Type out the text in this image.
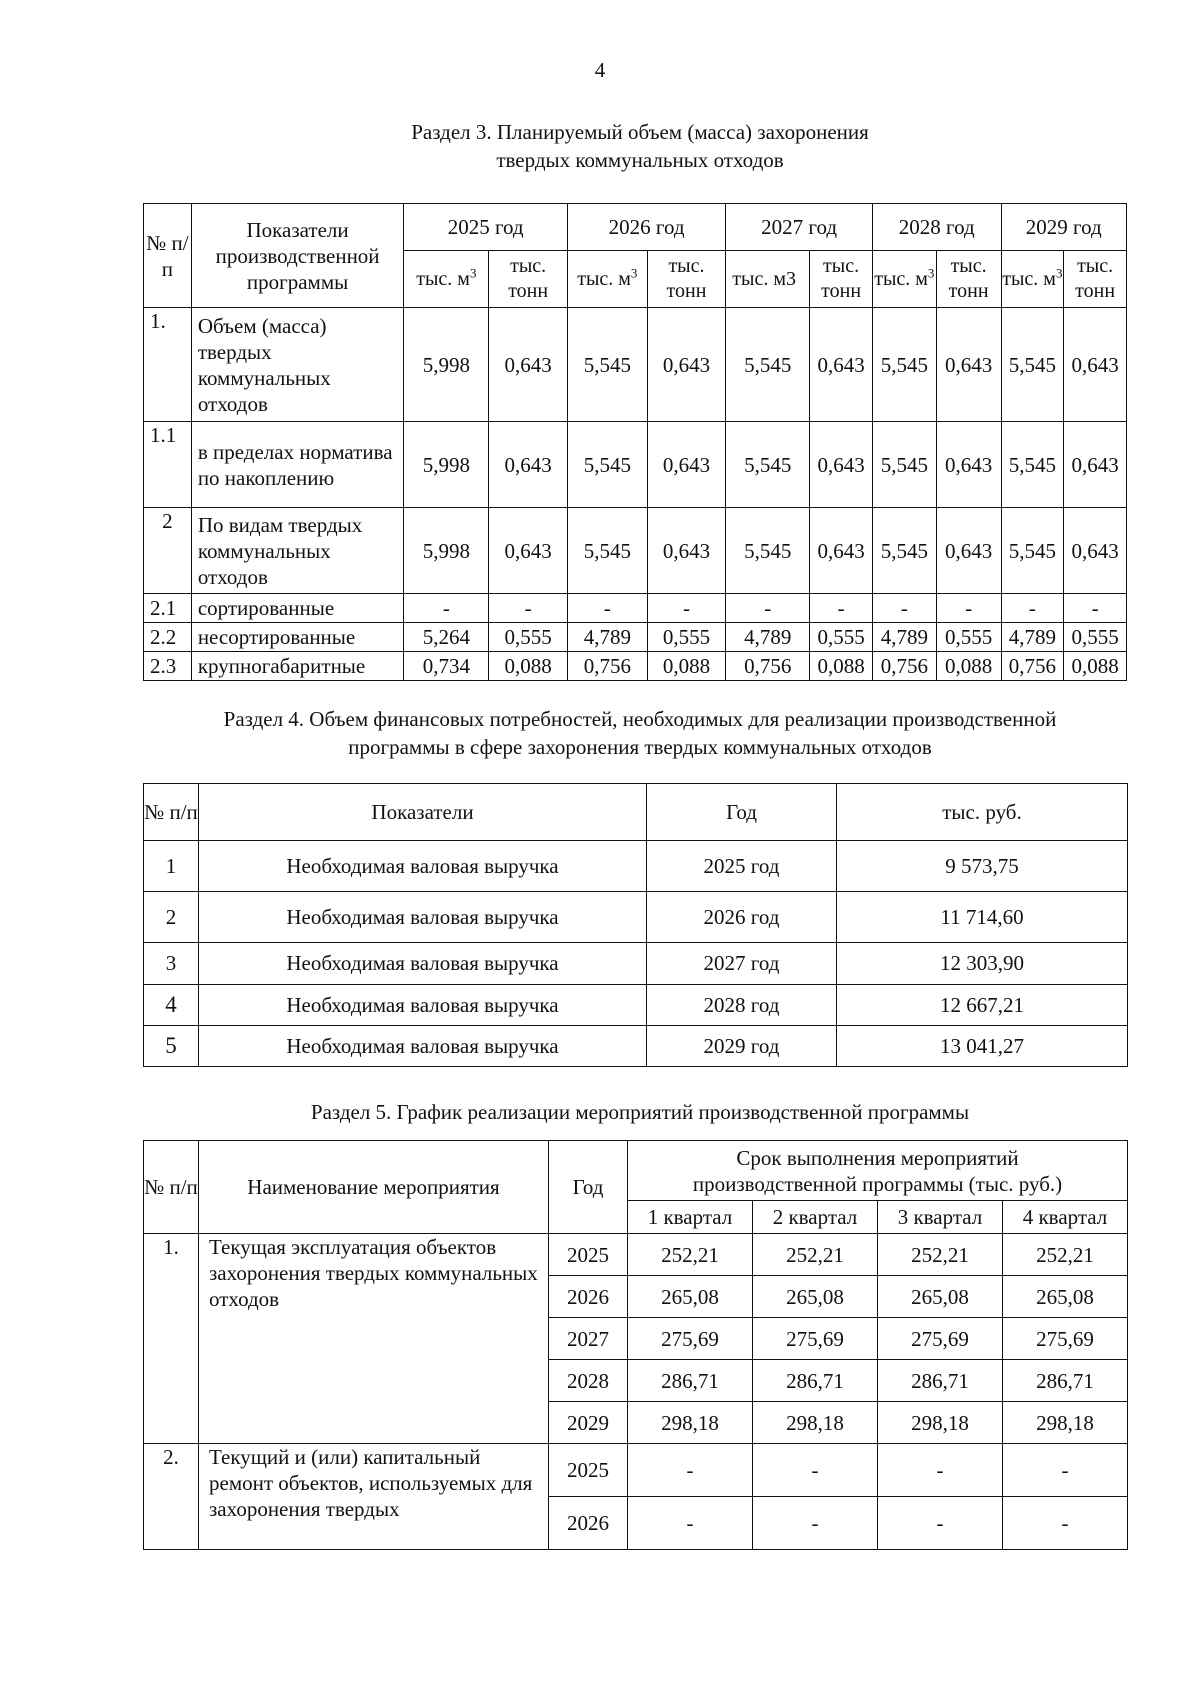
4
Раздел 3. Планируемый объем (масса) захоронения
твердых коммунальных отходов
№ п/п	Показатели производственной программы	2025 год		2026 год		2027 год		2028 год		2029 год	
		тыс. $м^3$	тыс. тонн	тыс. $м^3$	тыс. тонн	тыс. м3	тыс. тонн	тыс. $м^3$	тыс. тонн	тыс. $м^3$	тыс. тонн
1.	Объем (масса) твердых коммунальных отходов	5,998	0,643	5,545	0,643	5,545	0,643	5,545	0,643	5,545	0,643
1.1	в пределах норматива по накоплению	5,998	0,643	5,545	0,643	5,545	0,643	5,545	0,643	5,545	0,643
2	По видам твердых коммунальных отходов	5,998	0,643	5,545	0,643	5,545	0,643	5,545	0,643	5,545	0,643
2.1	сортированные	-	-	-	-	-	-	-	-	-	-
2.2	несортированные	5,264	0,555	4,789	0,555	4,789	0,555	4,789	0,555	4,789	0,555
2.3	крупногабаритные	0,734	0,088	0,756	0,088	0,756	0,088	0,756	0,088	0,756	0,088
Раздел 4. Объем финансовых потребностей, необходимых для реализации производственной
программы в сфере захоронения твердых коммунальных отходов
№ п/п	Показатели	Год	тыс. руб.
1	Необходимая валовая выручка	2025 год	9 573,75
2	Необходимая валовая выручка	2026 год	11 714,60
3	Необходимая валовая выручка	2027 год	12 303,90
4	Необходимая валовая выручка	2028 год	12 667,21
5	Необходимая валовая выручка	2029 год	13 041,27
Раздел 5. График реализации мероприятий производственной программы
№ п/п	Наименование мероприятия	Год	Срок выполнения мероприятий
производственной программы (тыс. руб.)			

			1 квартал	2 квартал	3 квартал	4 квартал
1.	Текущая эксплуатация объектов захоронения твердых коммунальных отходов	2025	252,21	252,21	252,21	252,21
		2026	265,08	265,08	265,08	265,08
		2027	275,69	275,69	275,69	275,69
		2028	286,71	286,71	286,71	286,71
		2029	298,18	298,18	298,18	298,18
2.	Текущий и (или) капитальный ремонт объектов, используемых для захоронения твердых	2025	-	-	-	-
		2026	-	-	-	-
